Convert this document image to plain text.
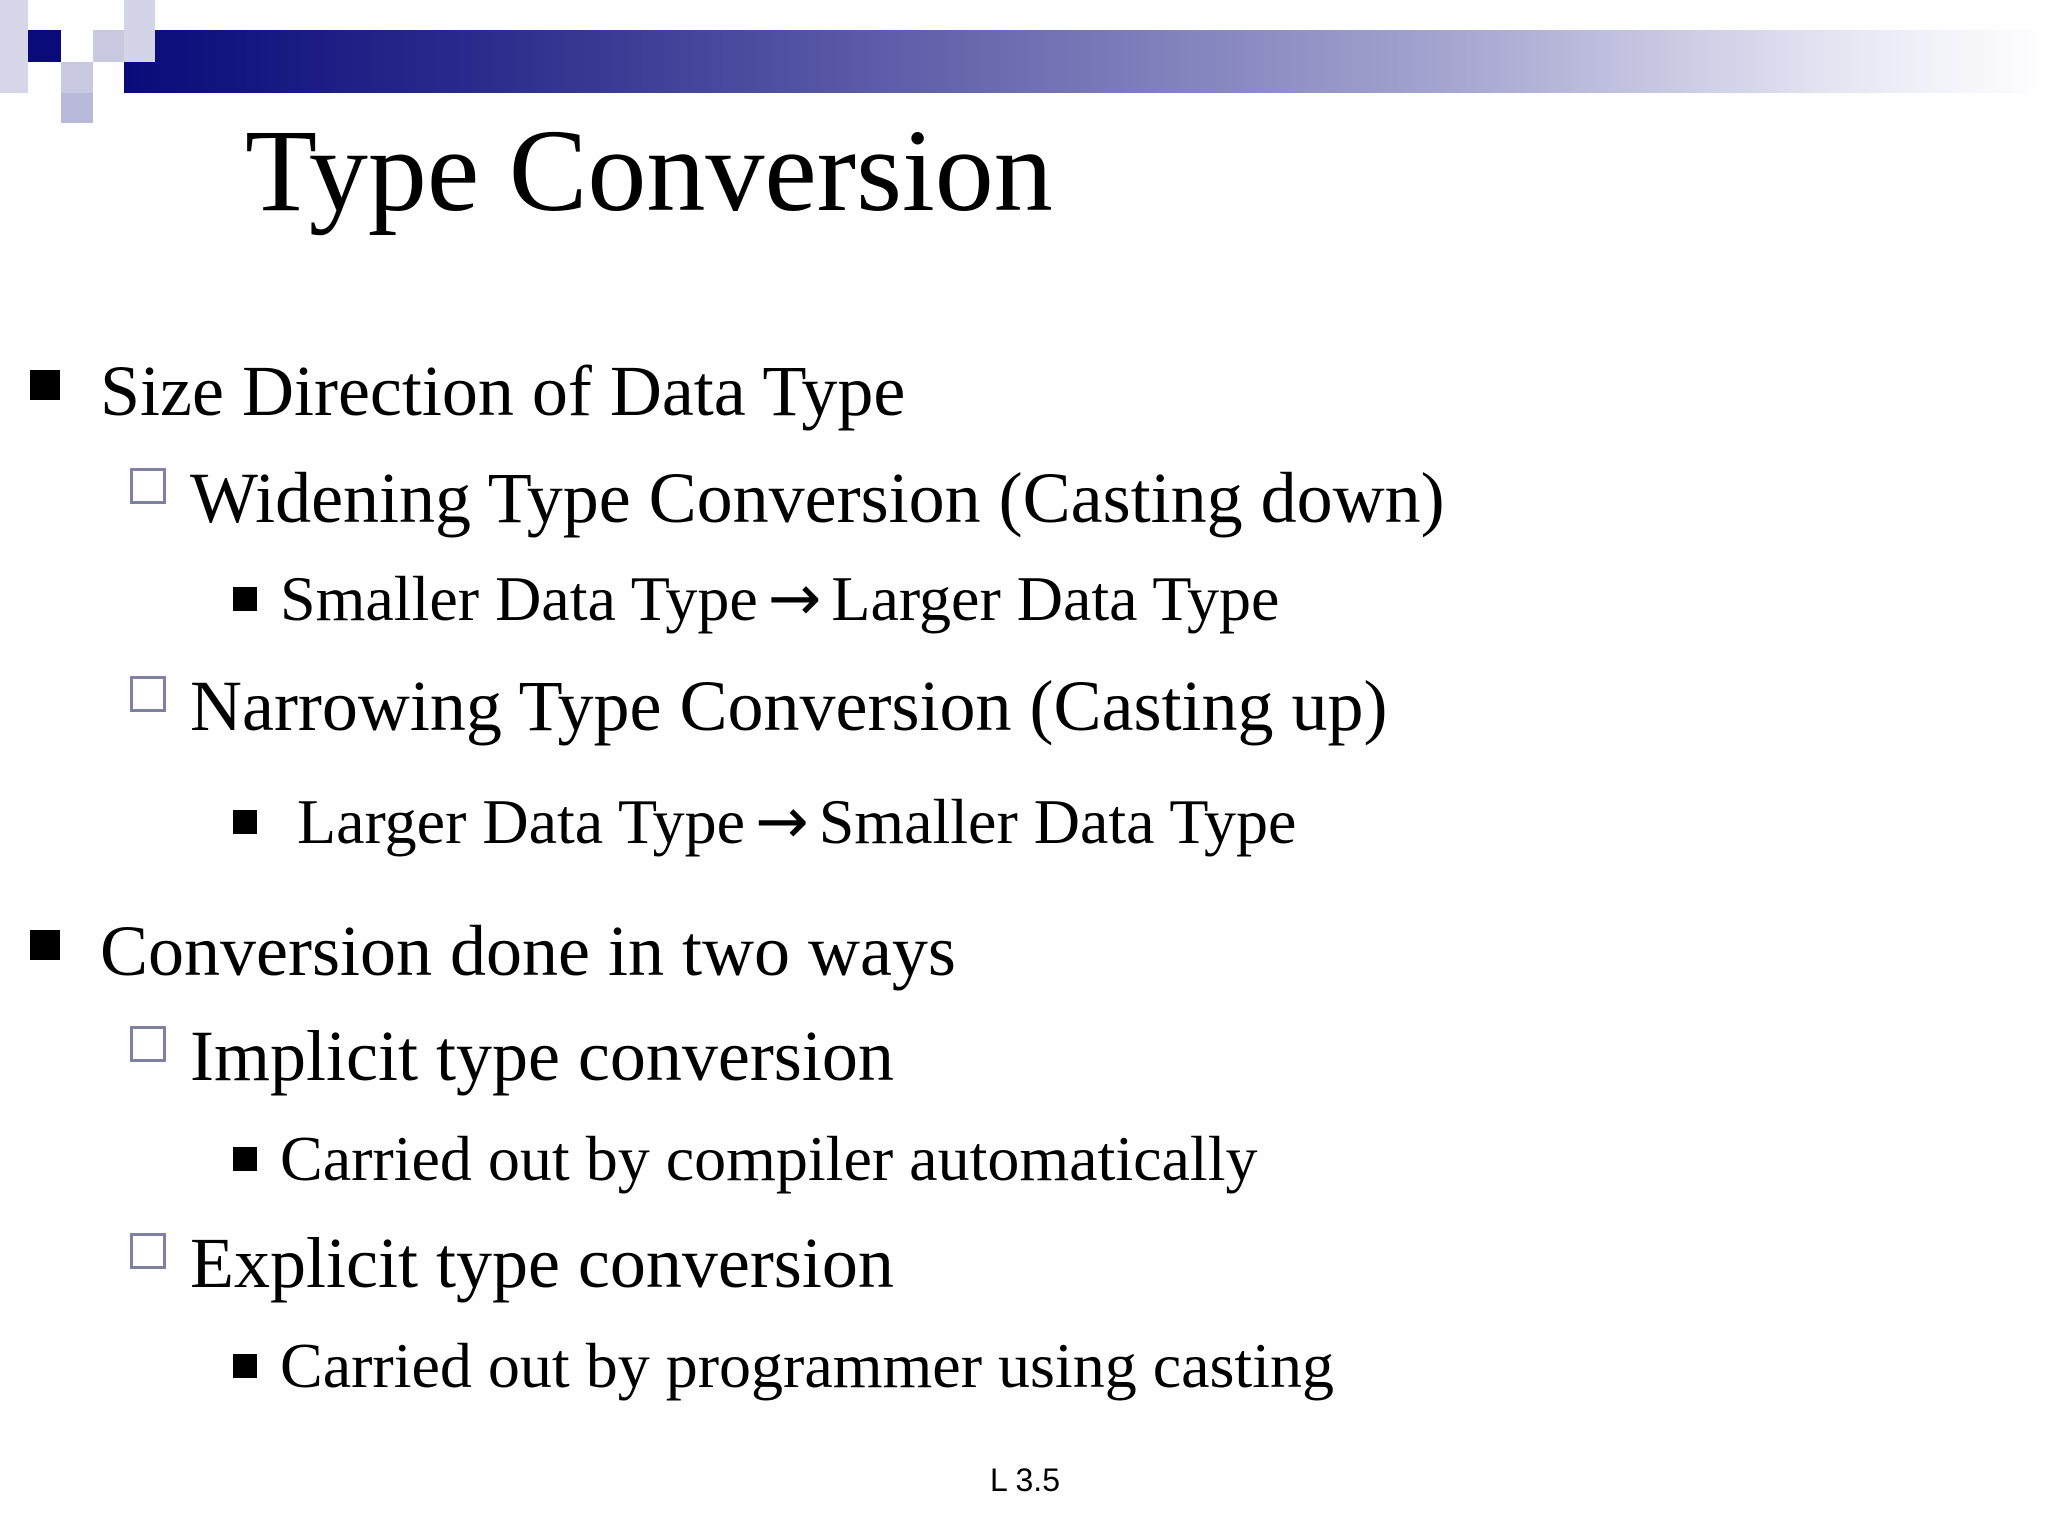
Type Conversion
Size Direction of Data Type
Widening Type Conversion (Casting down)
Smaller Data Type → Larger Data Type
Narrowing Type Conversion (Casting up)
Larger Data Type → Smaller Data Type
Conversion done in two ways
Implicit type conversion
Carried out by compiler automatically
Explicit type conversion
Carried out by programmer using casting
L 3.5
